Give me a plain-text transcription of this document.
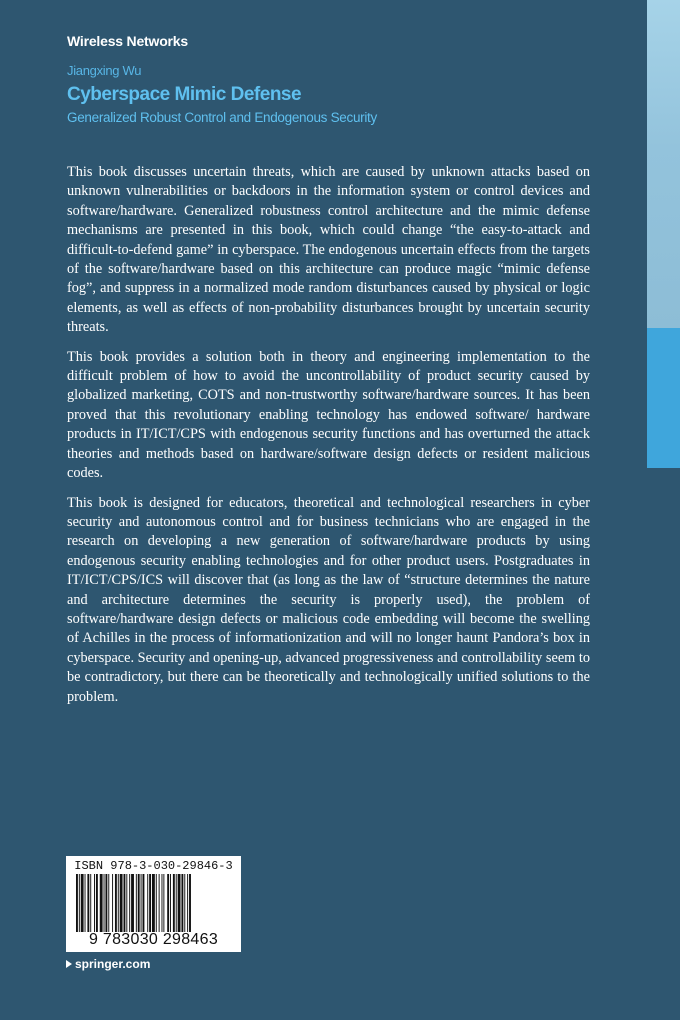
Wireless Networks
Jiangxing Wu
Cyberspace Mimic Defense
Generalized Robust Control and Endogenous Security

This book discusses uncertain threats, which are caused by unknown attacks based on unknown vulnerabilities or backdoors in the information system or control devices and software/hardware. Generalized robustness control architecture and the mimic defense mechanisms are presented in this book, which could change “the easy-to-attack and difficult-to-defend game” in cyberspace. The endogenous uncertain effects from the targets of the software/hardware based on this architecture can produce magic “mimic defense fog”, and suppress in a normalized mode random disturbances caused by physical or logic elements, as well as effects of non-probability disturbances brought by uncertain security threats.

This book provides a solution both in theory and engineering implementation to the difficult problem of how to avoid the uncontrollability of product security caused by globalized marketing, COTS and non-trustworthy software/hardware sources. It has been proved that this revolutionary enabling technology has endowed software/ hardware products in IT/ICT/CPS with endogenous security functions and has overturned the attack theories and methods based on hardware/software design defects or resident malicious codes.

This book is designed for educators, theoretical and technological researchers in cyber security and autonomous control and for business technicians who are engaged in the research on developing a new generation of software/hardware products by using endogenous security enabling technologies and for other product users. Postgraduates in IT/ICT/CPS/ICS will discover that (as long as the law of “structure determines the nature and architecture determines the security is properly used), the problem of software/hardware design defects or malicious code embedding will become the swelling of Achilles in the process of informationization and will no longer haunt Pandora’s box in cyberspace. Security and opening-up, advanced progressiveness and controllability seem to be contradictory, but there can be theoretically and technologically unified solutions to the problem.

ISBN 978-3-030-29846-3
9 783030 298463
springer.com
